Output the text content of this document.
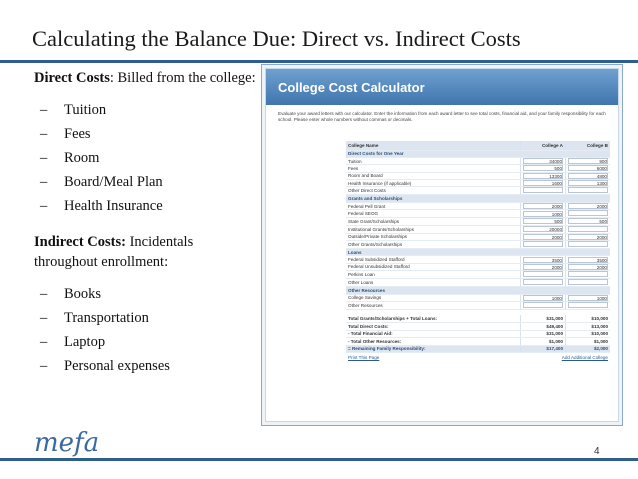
Calculating the Balance Due: Direct vs. Indirect Costs
Direct Costs: Billed from the college:
–	Tuition
–	Fees
–	Room
–	Board/Meal Plan
–	Health Insurance
Indirect Costs: Incidentals throughout enrollment:
–	Books
–	Transportation
–	Laptop
–	Personal expenses
College Cost Calculator
Evaluate your award letters with our calculator. Enter the information from each award letter to see total costs, financial aid, and your family responsibility for each school. Please enter whole numbers without commas or decimals.
College Name	College A	College B
Direct Costs for One Year		
Tuition	34000	900
Fees	500	6000
Room and Board	13300	4800
Health Insurance (if applicable)	1600	1300
Other Direct Costs		
Grants and Scholarships		
Federal Pell Grant	2000	2000
Federal SEOG	1000	
State Grant/Scholarships	500	500
Institutional Grants/Scholarships	20000	
Outside/Private Scholarships	2000	2000
Other Grants/Scholarships		
Loans		
Federal Subsidized Stafford	3500	3500
Federal Unsubsidized Stafford	2000	2000
Perkins Loan		
Other Loans		
Other Resources		
College Savings	1000	1000
Other Resources		

Total Grants/Scholarships + Total Loans:	$31,000	$10,000
Total Direct Costs:	$49,400	$13,000
- Total Financial Aid:	$31,000	$10,000
- Total Other Resources:	$1,000	$1,000
= Remaining Family Responsibility:	$17,400	$2,000
Print This Page	Add Additional College	
mefa	4
